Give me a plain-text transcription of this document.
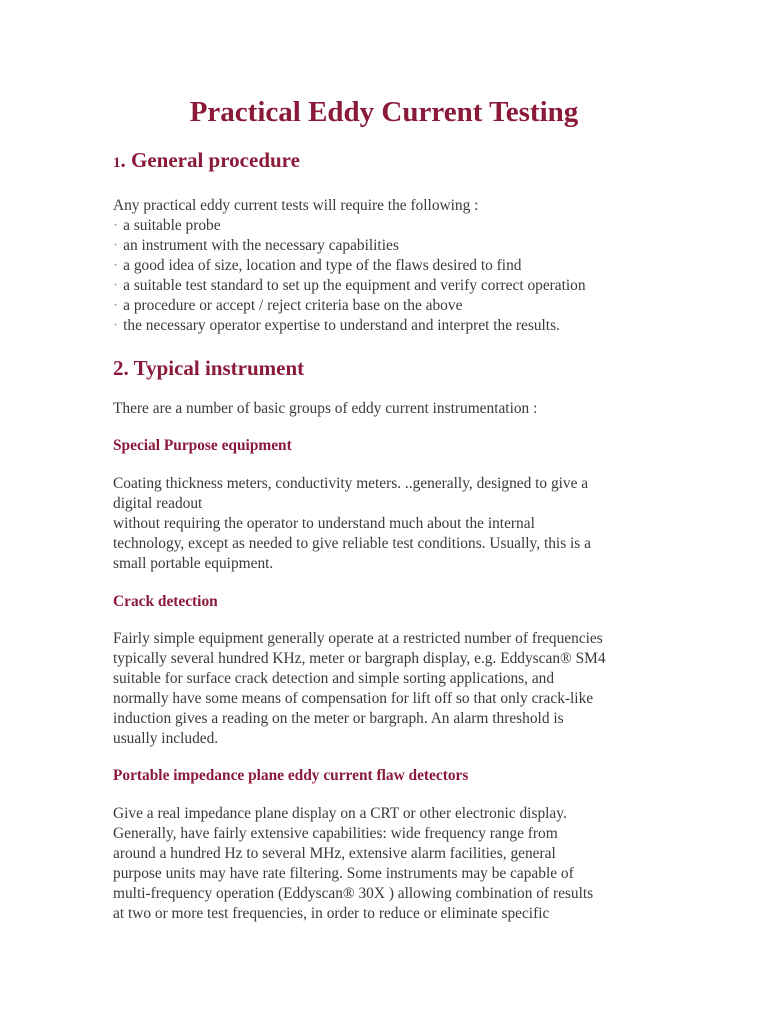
Practical Eddy Current Testing
1. General procedure

Any practical eddy current tests will require the following :

· a suitable probe
· an instrument with the necessary capabilities
· a good idea of size, location and type of the flaws desired to find
· a suitable test standard to set up the equipment and verify correct operation
· a procedure or accept / reject criteria base on the above
· the necessary operator expertise to understand and interpret the results.
2. Typical instrument

There are a number of basic groups of eddy current instrumentation :

Special Purpose equipment

Coating thickness meters, conductivity meters. ..generally, designed to give a

digital readout

without requiring the operator to understand much about the internal

technology, except as needed to give reliable test conditions. Usually, this is a

small portable equipment.

Crack detection

Fairly simple equipment generally operate at a restricted number of frequencies

typically several hundred KHz, meter or bargraph display, e.g. Eddyscan® SM4

suitable for surface crack detection and simple sorting applications, and

normally have some means of compensation for lift off so that only crack-like

induction gives a reading on the meter or bargraph. An alarm threshold is

usually included.

Portable impedance plane eddy current flaw detectors

Give a real impedance plane display on a CRT or other electronic display.

Generally, have fairly extensive capabilities: wide frequency range from

around a hundred Hz to several MHz, extensive alarm facilities, general

purpose units may have rate filtering. Some instruments may be capable of

multi-frequency operation (Eddyscan® 30X ) allowing combination of results

at two or more test frequencies, in order to reduce or eliminate specific
